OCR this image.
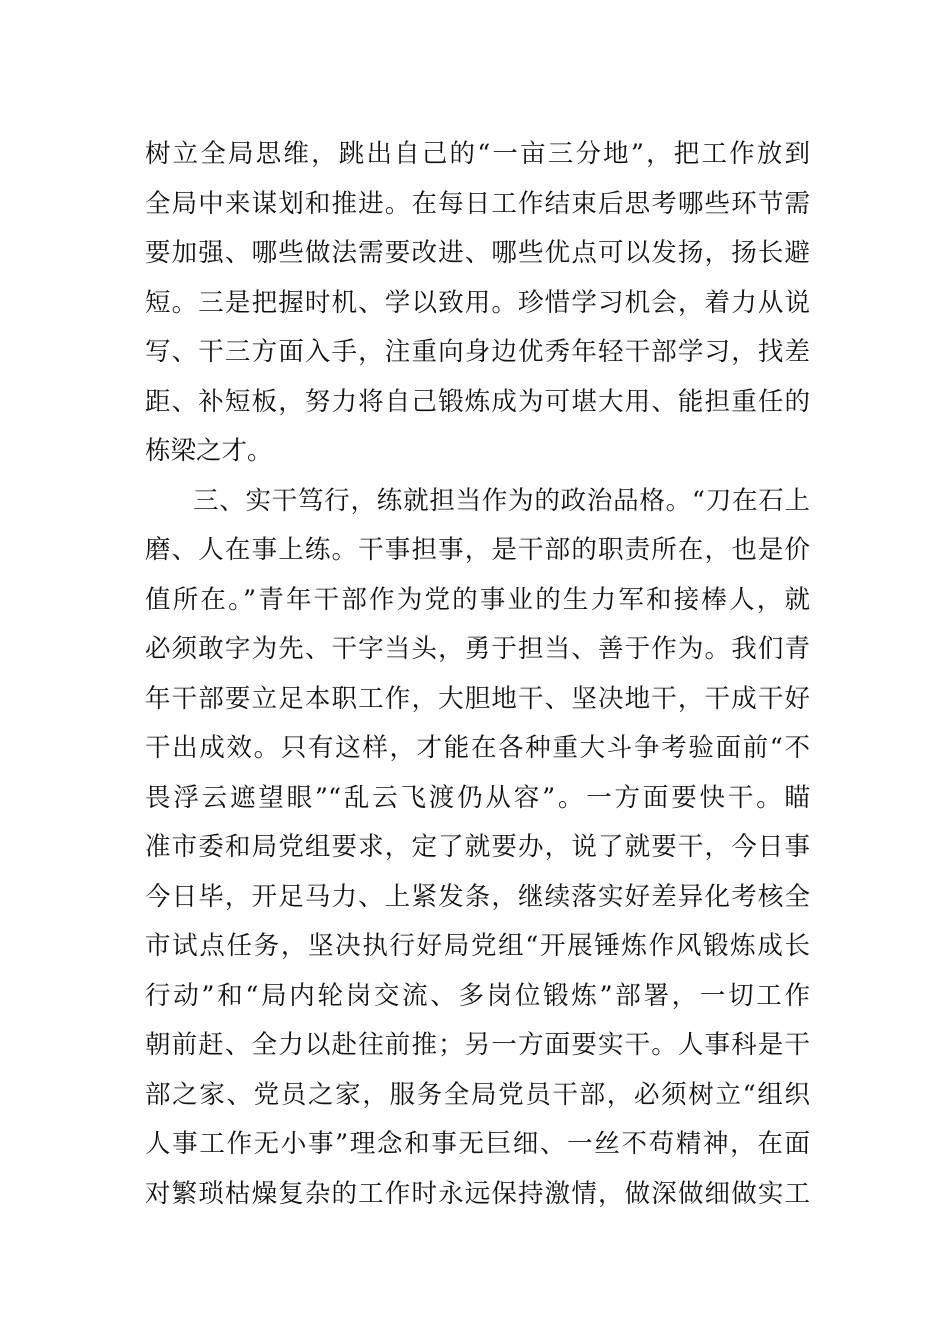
树立全局思维，跳出自己的“一亩三分地”，把工作放到
全局中来谋划和推进。在每日工作结束后思考哪些环节需
要加强、哪些做法需要改进、哪些优点可以发扬，扬长避
短。三是把握时机、学以致用。珍惜学习机会，着力从说
写、干三方面入手，注重向身边优秀年轻干部学习，找差
距、补短板，努力将自己锻炼成为可堪大用、能担重任的
栋梁之才。
三、实干笃行，练就担当作为的政治品格。“刀在石上
磨、人在事上练。干事担事，是干部的职责所在，也是价
值所在。”青年干部作为党的事业的生力军和接棒人，就
必须敢字为先、干字当头，勇于担当、善于作为。我们青
年干部要立足本职工作，大胆地干、坚决地干，干成干好
干出成效。只有这样，才能在各种重大斗争考验面前“不
畏浮云遮望眼”“乱云飞渡仍从容”。一方面要快干。瞄
准市委和局党组要求，定了就要办，说了就要干，今日事
今日毕，开足马力、上紧发条，继续落实好差异化考核全
市试点任务，坚决执行好局党组“开展锤炼作风锻炼成长
行动”和“局内轮岗交流、多岗位锻炼”部署，一切工作
朝前赶、全力以赴往前推；另一方面要实干。人事科是干
部之家、党员之家，服务全局党员干部，必须树立“组织
人事工作无小事”理念和事无巨细、一丝不苟精神，在面
对繁琐枯燥复杂的工作时永远保持激情，做深做细做实工
